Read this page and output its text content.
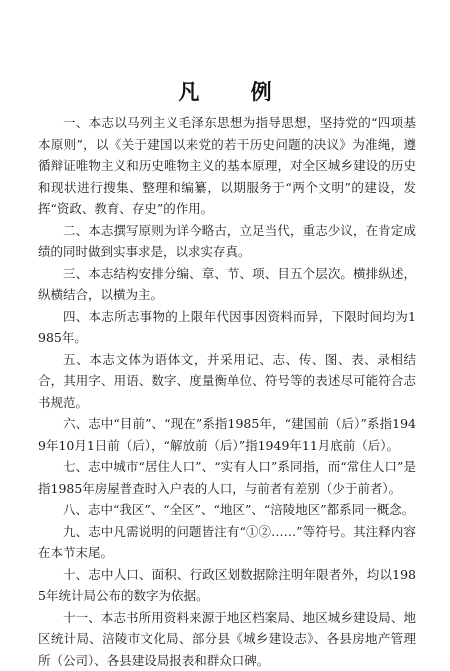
凡 例

一、本志以马列主义毛泽东思想为指导思想，坚持党的“四项基本原则”，以《关于建国以来党的若干历史问题的决议》为准绳，遵循辩证唯物主义和历史唯物主义的基本原理，对全区城乡建设的历史和现状进行搜集、整理和编纂，以期服务于“两个文明”的建设，发挥“资政、教育、存史”的作用。

二、本志撰写原则为详今略古，立足当代，重志少议，在肯定成绩的同时做到实事求是，以求实存真。

三、本志结构安排分编、章、节、项、目五个层次。横排纵述，纵横结合，以横为主。

四、本志所志事物的上限年代因事因资料而异，下限时间均为1985年。

五、本志文体为语体文，并采用记、志、传、图、表、录相结合，其用字、用语、数字、度量衡单位、符号等的表述尽可能符合志书规范。

六、志中“目前”、“现在”系指1985年，“建国前（后）”系指1949年10月1日前（后），“解放前（后）”指1949年11月底前（后）。

七、志中城市“居住人口”、“实有人口”系同指，而“常住人口”是指1985年房屋普查时入户表的人口，与前者有差别（少于前者）。

八、志中“我区”、“全区”、“地区”、“涪陵地区”都系同一概念。

九、志中凡需说明的问题皆注有“①②……”等符号。其注释内容在本节末尾。

十、志中人口、面积、行政区划数据除注明年限者外，均以1985年统计局公布的数字为依据。

十一、本志书所用资料来源于地区档案局、地区城乡建设局、地区统计局、涪陵市文化局、部分县《城乡建设志》、各县房地产管理所（公司）、各县建设局报表和群众口碑。
